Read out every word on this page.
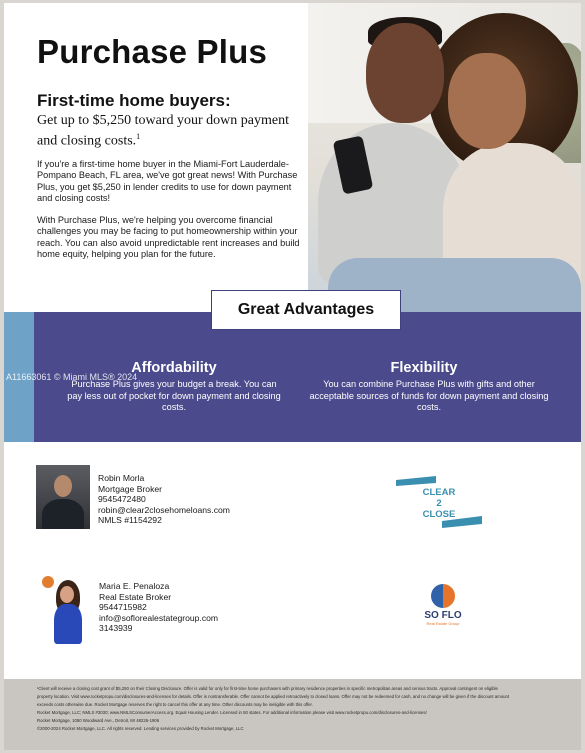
Purchase Plus
First-time home buyers:
Get up to $5,250 toward your down payment and closing costs.$^1$
If you're a first-time home buyer in the Miami-Fort Lauderdale-Pompano Beach, FL area, we've got great news! With Purchase Plus, you get $5,250 in lender credits to use for down payment and closing costs!
With Purchase Plus, we're helping you overcome financial challenges you may be facing to put homeownership within your reach. You can also avoid unpredictable rent increases and build home equity, helping you plan for the future.
Great Advantages
A11663061 © Miami MLS® 2024
Affordability
Purchase Plus gives your budget a break. You can pay less out of pocket for down payment and closing costs.
Flexibility
You can combine Purchase Plus with gifts and other acceptable sources of funds for down payment and closing costs.
Robin Morla
Mortgage Broker
9545472480
robin@clear2closehomeloans.com
NMLS #1154292
CLEAR
2
CLOSE
Maria E. Penaloza
Real Estate Broker
9544715982
info@soflorealestategroup.com
3143939
SO FLO
Real Estate Group
¹Client will receive a closing cost grant of $5,250 on their Closing Disclosure. Offer is valid for only for first-time home purchasers with primary residence properties in specific metropolitan areas and census tracts. Approval contingent on eligible
property location. Visit www.rocketpropu.com/disclosures-and-licenses for details. Offer is nontransferable. Offer cannot be applied retroactively to closed loans. Offer may not be redeemed for cash, and no change will be given if the discount amount
exceeds costs otherwise due. Rocket Mortgage reserves the right to cancel this offer at any time. Other discounts may be ineligible with this offer.
Rocket Mortgage, LLC; NMLS #3030; www.NMLSConsumerAccess.org. Equal Housing Lender. Licensed in 50 states. For additional information please visit www.rocketpropu.com/disclosures-and-licenses/
Rocket Mortgage, 1050 Woodward Ave., Detroit, MI 48226-1906
©2000-2024 Rocket Mortgage, LLC. All rights reserved. Lending services provided by Rocket Mortgage, LLC
